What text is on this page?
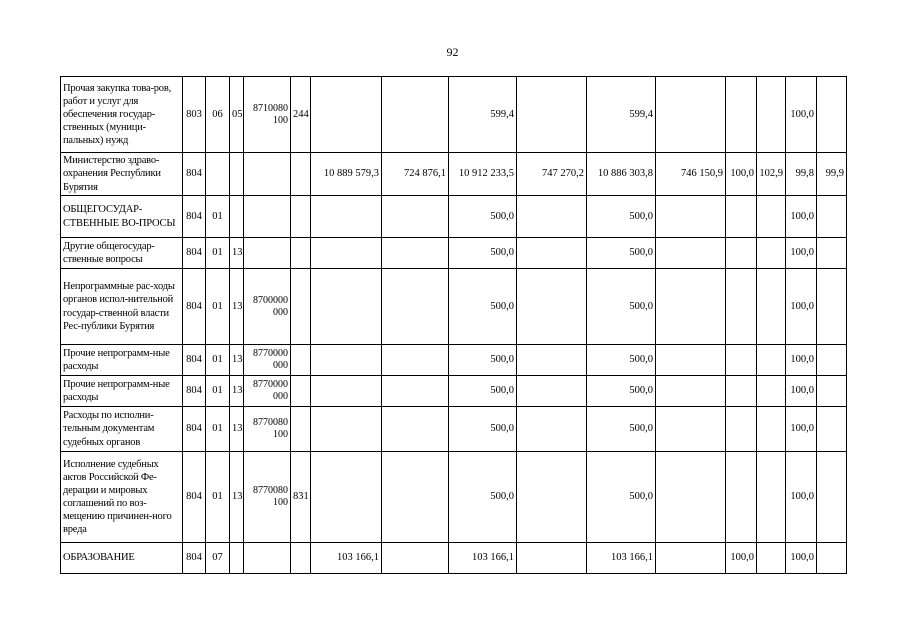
92
Прочая закупка това-ров, работ и услуг для обеспечения государ-ственных (муници-пальных) нужд	803	06	05	8710080 100	244			599,4		599,4				100,0	
Министерство здраво-охранения Республики Бурятия	804					10 889 579,3	724 876,1	10 912 233,5	747 270,2	10 886 303,8	746 150,9	100,0	102,9	99,8	99,9
ОБЩЕГОСУДАР-СТВЕННЫЕ ВО-ПРОСЫ	804	01						500,0		500,0				100,0	
Другие общегосудар-ственные вопросы	804	01	13					500,0		500,0				100,0	
Непрограммные рас-ходы органов испол-нительной государ-ственной власти Рес-публики Бурятия	804	01	13	8700000 000				500,0		500,0				100,0	
Прочие непрограмм-ные расходы	804	01	13	8770000 000				500,0		500,0				100,0	
Прочие непрограмм-ные расходы	804	01	13	8770000 000				500,0		500,0				100,0	
Расходы по исполни-тельным документам судебных органов	804	01	13	8770080 100				500,0		500,0				100,0	
Исполнение судебных актов Российской Фе-дерации и мировых соглашений по воз-мещению причинен-ного вреда	804	01	13	8770080 100	831			500,0		500,0				100,0	
ОБРАЗОВАНИЕ	804	07				103 166,1		103 166,1		103 166,1		100,0		100,0	
